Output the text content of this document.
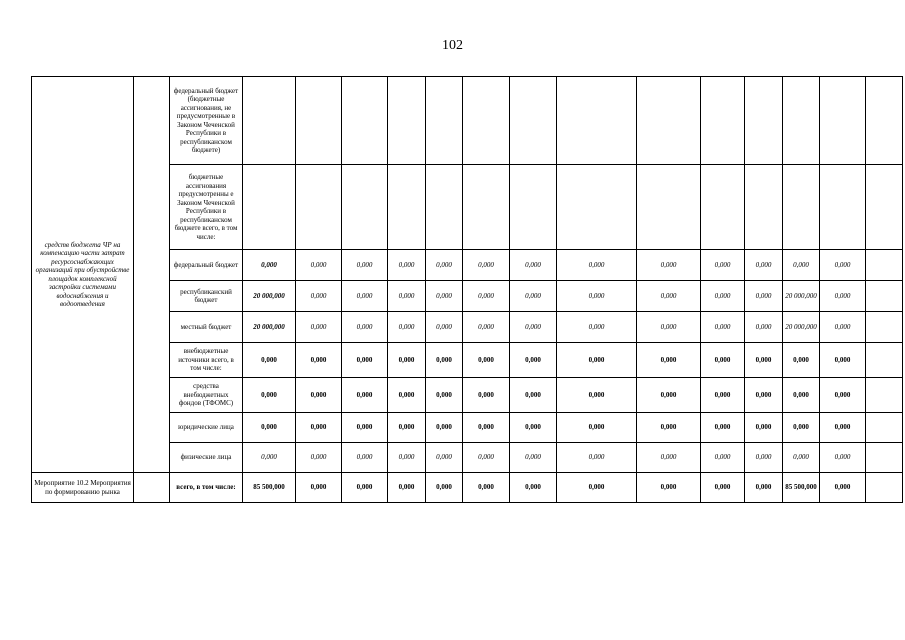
102
средств бюджета ЧР на компенсацию части затрат ресурсоснабжающих организаций при обустройстве площадок комплексной застройки системами водоснабжения и водоотведения		федеральный бюджет (бюджетные ассигнования, не предусмотренные в Законом Чеченской Республики в республиканском бюджете)														
		бюджетные ассигнования предусмотренны е Законом Чеченской Республики в республиканском бюджете всего, в том числе:														
		федеральный бюджет	0,000	0,000	0,000	0,000	0,000	0,000	0,000	0,000	0,000	0,000	0,000	0,000	0,000	
		республиканский бюджет	20 000,000	0,000	0,000	0,000	0,000	0,000	0,000	0,000	0,000	0,000	0,000	20 000,000	0,000	
		местный бюджет	20 000,000	0,000	0,000	0,000	0,000	0,000	0,000	0,000	0,000	0,000	0,000	20 000,000	0,000	
		внебюджетные источники всего, в том числе:	0,000	0,000	0,000	0,000	0,000	0,000	0,000	0,000	0,000	0,000	0,000	0,000	0,000	
		средства внебюджетных фондов (ТФОМС)	0,000	0,000	0,000	0,000	0,000	0,000	0,000	0,000	0,000	0,000	0,000	0,000	0,000	
		юридические лица	0,000	0,000	0,000	0,000	0,000	0,000	0,000	0,000	0,000	0,000	0,000	0,000	0,000	
		физические лица	0,000	0,000	0,000	0,000	0,000	0,000	0,000	0,000	0,000	0,000	0,000	0,000	0,000	
Мероприятие 10.2 Мероприятия по формированию рынка		всего, в том числе:	85 500,000	0,000	0,000	0,000	0,000	0,000	0,000	0,000	0,000	0,000	0,000	85 500,000	0,000	
